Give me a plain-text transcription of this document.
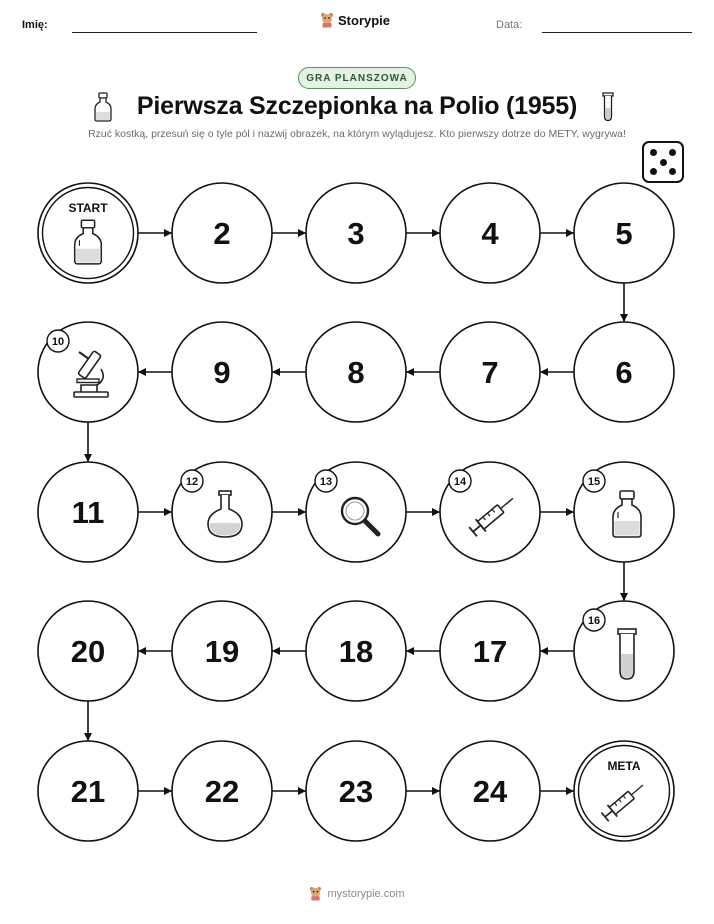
Imię:	Storypie	Data:
GRA PLANSZOWA
Pierwsza Szczepionka na Polio (1955)
Rzuć kostką, przesuń się o tyle pól i nazwij obrazek, na którym wylądujesz. Kto pierwszy dotrze do METY, wygrywa!
START
2	3	4	5
6
7
8
9
10
11
12	13	14	15
16
17
18
19
20
21	22	23	24
META
mystorypie.com
